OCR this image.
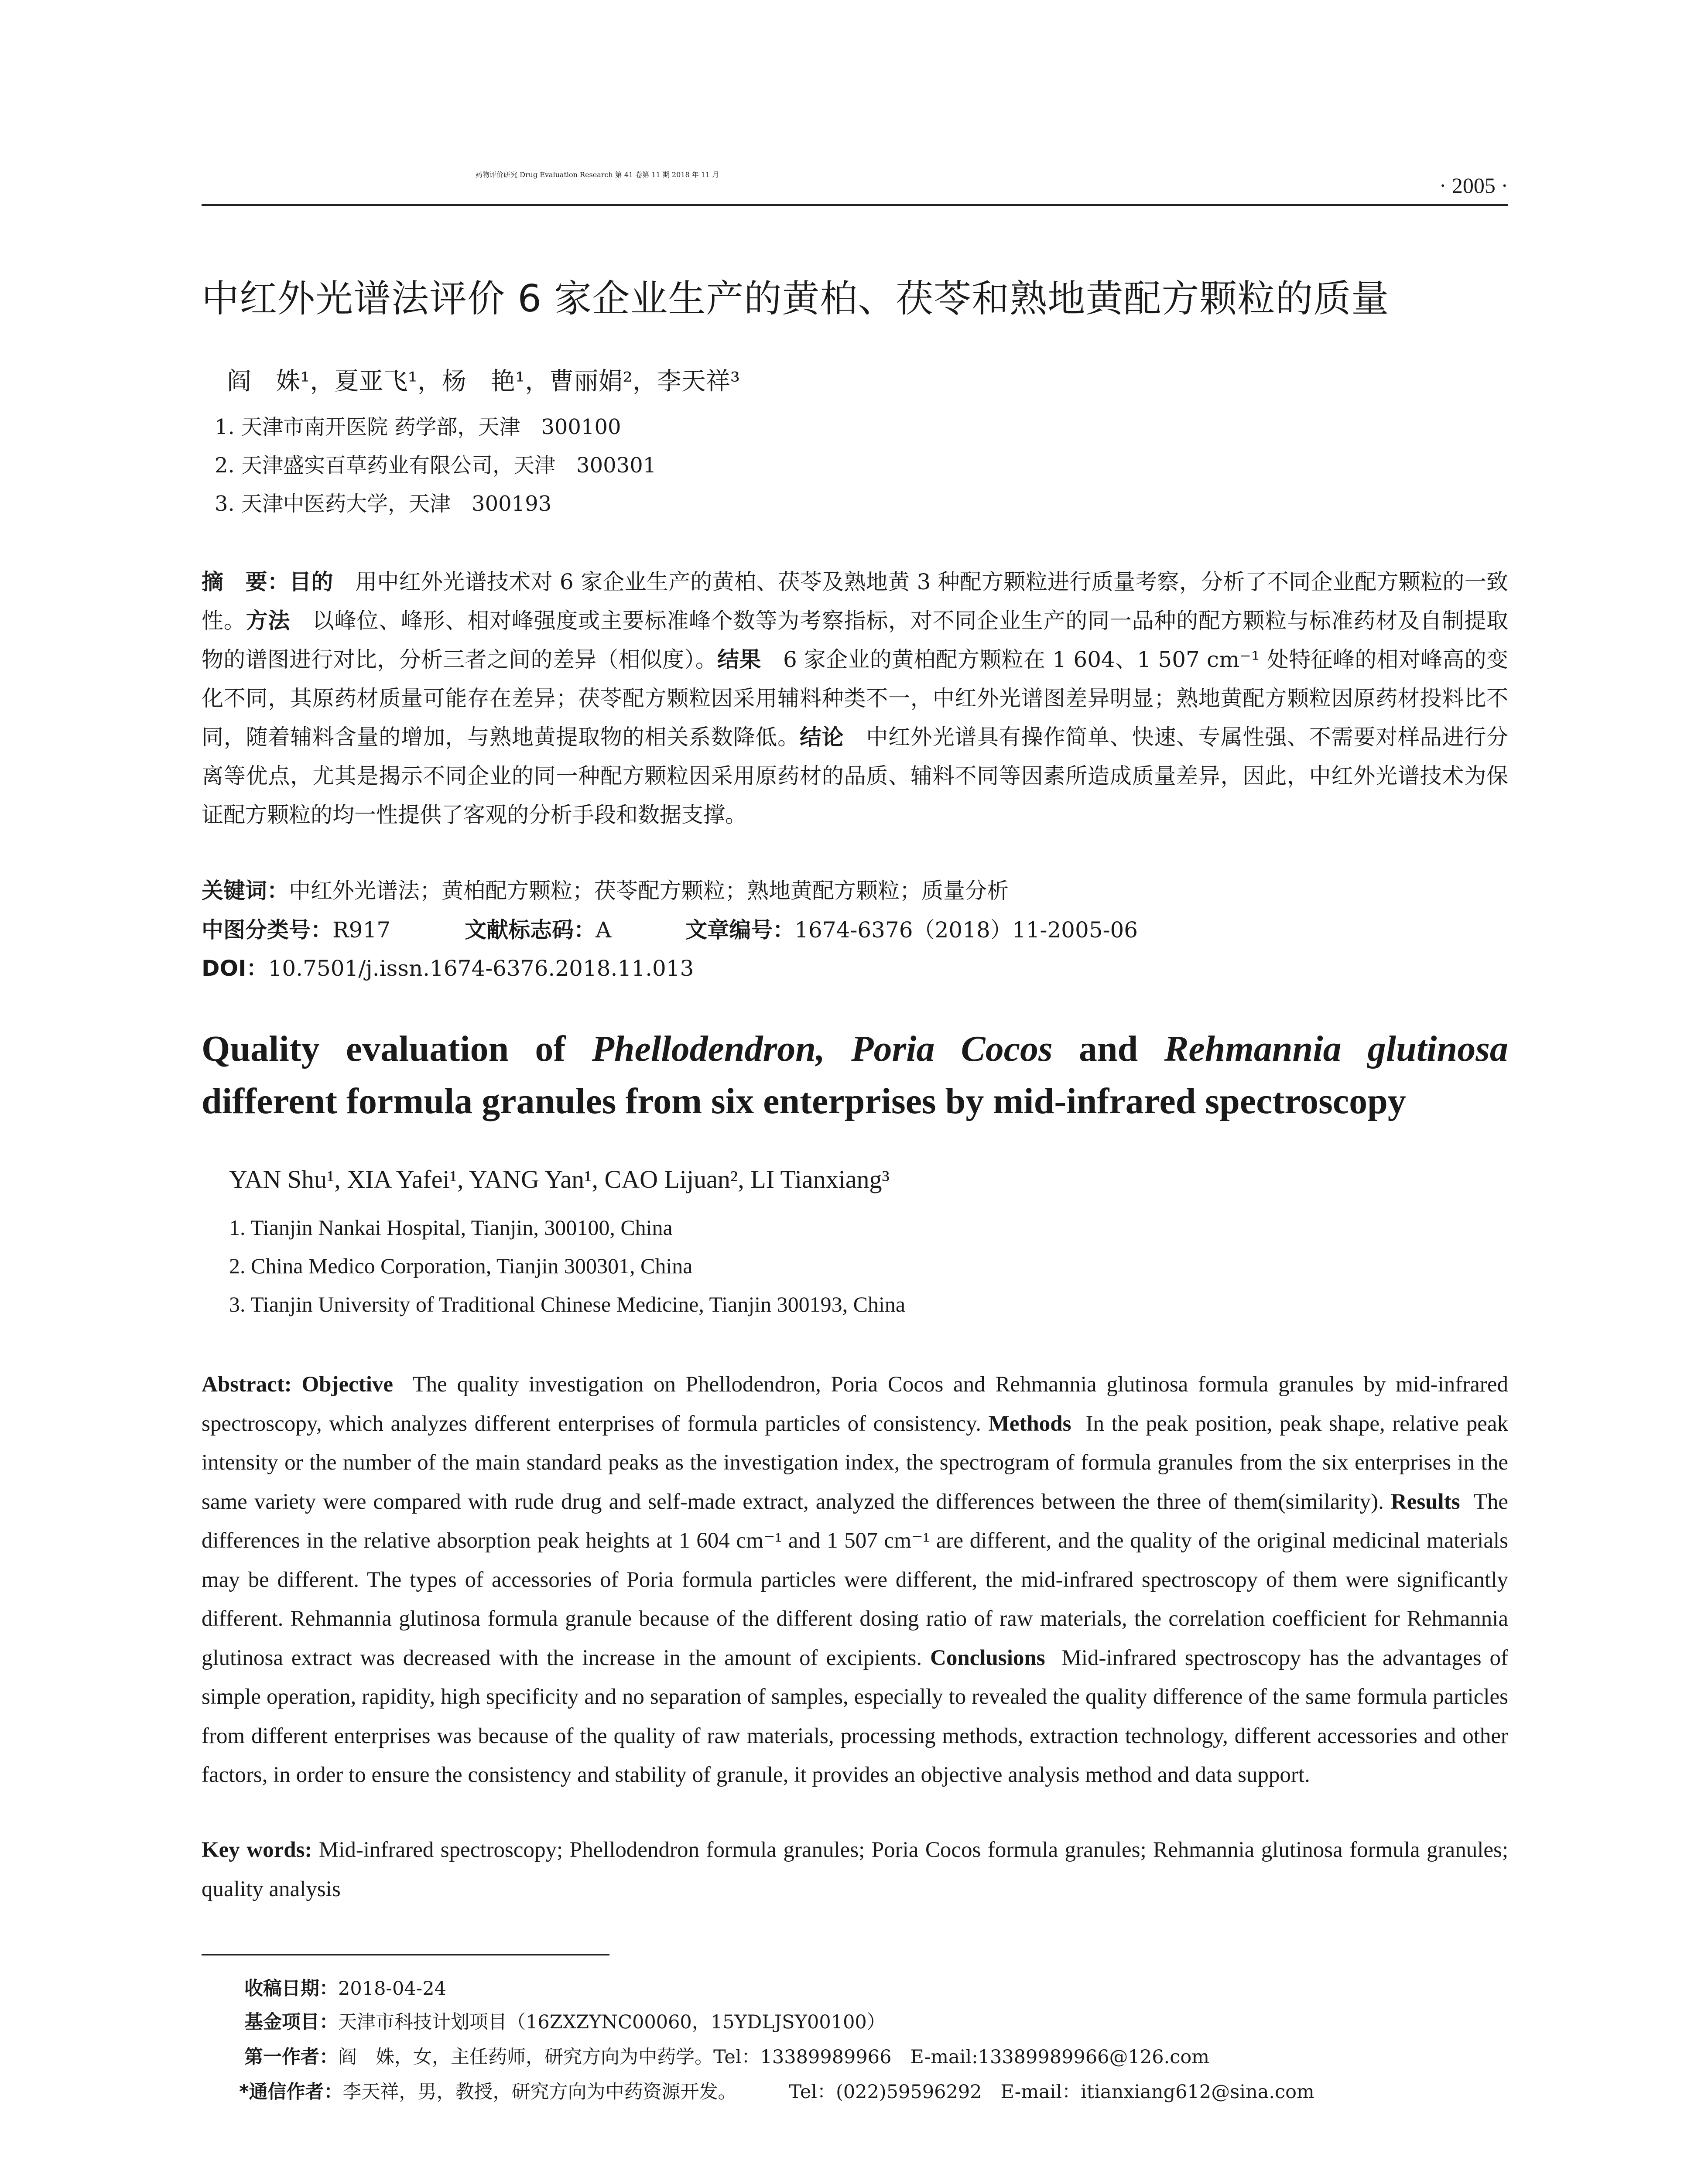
药物评价研究 Drug Evaluation Research 第 41 卷第 11 期 2018 年 11 月	· 2005 ·
中红外光谱法评价 6 家企业生产的黄柏、茯苓和熟地黄配方颗粒的质量
阎　姝¹，夏亚飞¹，杨　艳¹，曹丽娟²，李天祥³
1. 天津市南开医院 药学部，天津　300100
2. 天津盛实百草药业有限公司，天津　300301
3. 天津中医药大学，天津　300193
摘　要：目的　用中红外光谱技术对 6 家企业生产的黄柏、茯苓及熟地黄 3 种配方颗粒进行质量考察，分析了不同企业配方颗粒的一致性。方法　以峰位、峰形、相对峰强度或主要标准峰个数等为考察指标，对不同企业生产的同一品种的配方颗粒与标准药材及自制提取物的谱图进行对比，分析三者之间的差异（相似度）。结果　6 家企业的黄柏配方颗粒在 1 604、1 507 cm⁻¹ 处特征峰的相对峰高的变化不同，其原药材质量可能存在差异；茯苓配方颗粒因采用辅料种类不一，中红外光谱图差异明显；熟地黄配方颗粒因原药材投料比不同，随着辅料含量的增加，与熟地黄提取物的相关系数降低。结论　中红外光谱具有操作简单、快速、专属性强、不需要对样品进行分离等优点，尤其是揭示不同企业的同一种配方颗粒因采用原药材的品质、辅料不同等因素所造成质量差异，因此，中红外光谱技术为保证配方颗粒的均一性提供了客观的分析手段和数据支撑。
关键词：中红外光谱法；黄柏配方颗粒；茯苓配方颗粒；熟地黄配方颗粒；质量分析
中图分类号：R917	文献标志码：A	文章编号：1674-6376（2018）11-2005-06
DOI：10.7501/j.issn.1674-6376.2018.11.013
Quality evaluation of Phellodendron, Poria Cocos and Rehmannia glutinosa
different formula granules from six enterprises by mid-infrared spectroscopy
YAN Shu¹, XIA Yafei¹, YANG Yan¹, CAO Lijuan², LI Tianxiang³
1. Tianjin Nankai Hospital, Tianjin, 300100, China
2. China Medico Corporation, Tianjin 300301, China
3. Tianjin University of Traditional Chinese Medicine, Tianjin 300193, China
Abstract: Objective The quality investigation on Phellodendron, Poria Cocos and Rehmannia glutinosa formula granules by mid-infrared spectroscopy, which analyzes different enterprises of formula particles of consistency. Methods In the peak position, peak shape, relative peak intensity or the number of the main standard peaks as the investigation index, the spectrogram of formula granules from the six enterprises in the same variety were compared with rude drug and self-made extract, analyzed the differences between the three of them(similarity). Results The differences in the relative absorption peak heights at 1 604 cm⁻¹ and 1 507 cm⁻¹ are different, and the quality of the original medicinal materials may be different. The types of accessories of Poria formula particles were different, the mid-infrared spectroscopy of them were significantly different. Rehmannia glutinosa formula granule because of the different dosing ratio of raw materials, the correlation coefficient for Rehmannia glutinosa extract was decreased with the increase in the amount of excipients. Conclusions Mid-infrared spectroscopy has the advantages of simple operation, rapidity, high specificity and no separation of samples, especially to revealed the quality difference of the same formula particles from different enterprises was because of the quality of raw materials, processing methods, extraction technology, different accessories and other factors, in order to ensure the consistency and stability of granule, it provides an objective analysis method and data support.
Key words: Mid-infrared spectroscopy; Phellodendron formula granules; Poria Cocos formula granules; Rehmannia glutinosa formula granules; quality analysis
收稿日期：2018-04-24
基金项目：天津市科技计划项目（16ZXZYNC00060，15YDLJSY00100）
第一作者：阎　姝，女，主任药师，研究方向为中药学。Tel：13389989966　E-mail:13389989966@126.com
*通信作者：李天祥，男，教授，研究方向为中药资源开发。	Tel：(022)59596292　E-mail：itianxiang612@sina.com
